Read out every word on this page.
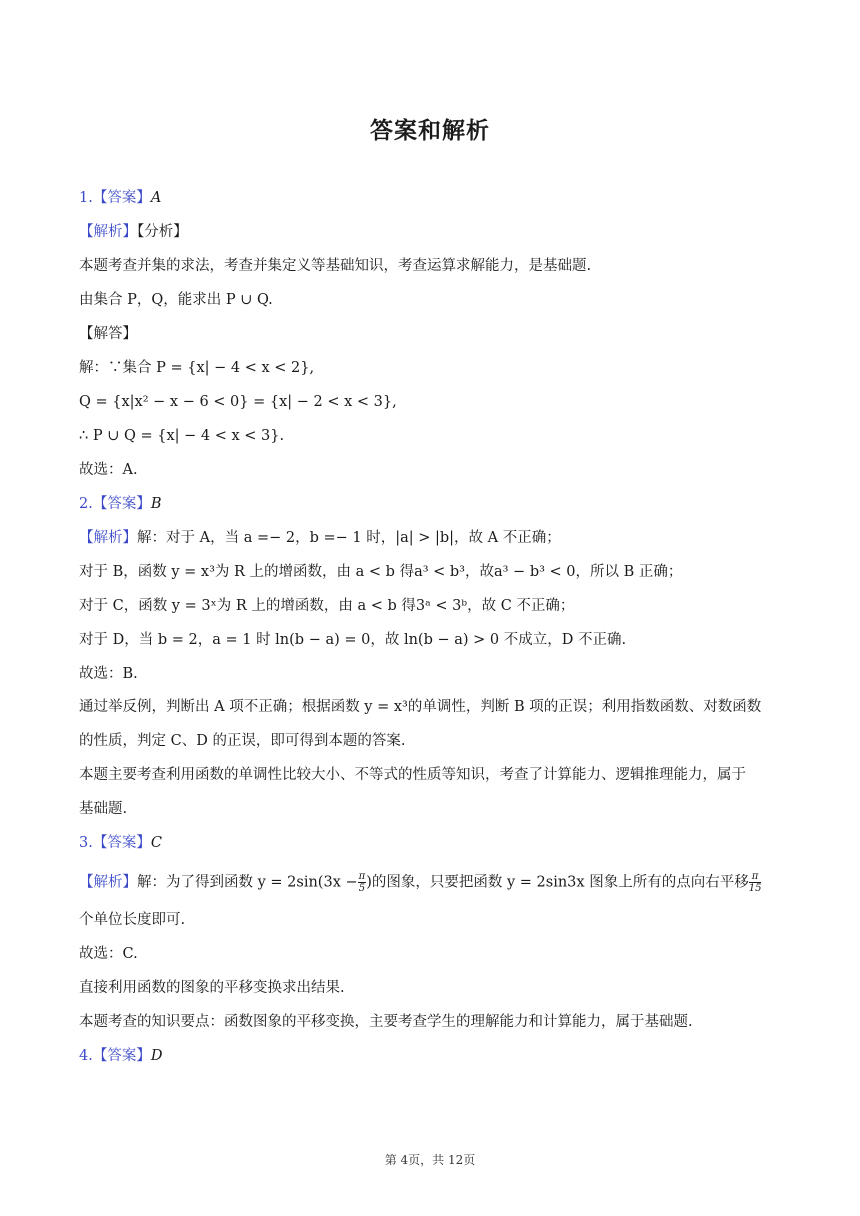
答案和解析
1.【答案】A
【解析】【分析】
本题考查并集的求法，考查并集定义等基础知识，考查运算求解能力，是基础题.
由集合 P，Q，能求出 P ∪ Q.
【解答】
解：∵集合 P = {x| − 4 < x < 2},
Q = {x|x² − x − 6 < 0} = {x| − 2 < x < 3},
∴ P ∪ Q = {x| − 4 < x < 3}.
故选：A.
2.【答案】B
【解析】解：对于 A，当 a =− 2，b =− 1 时，|a| > |b|，故 A 不正确；
对于 B，函数 y = x³为 R 上的增函数，由 a < b 得a³ < b³，故a³ − b³ < 0，所以 B 正确；
对于 C，函数 y = 3ˣ为 R 上的增函数，由 a < b 得3ᵃ < 3ᵇ，故 C 不正确；
对于 D，当 b = 2，a = 1 时 ln(b − a) = 0，故 ln(b − a) > 0 不成立，D 不正确.
故选：B.
通过举反例，判断出 A 项不正确；根据函数 y = x³的单调性，判断 B 项的正误；利用指数函数、对数函数
的性质，判定 C、D 的正误，即可得到本题的答案.
本题主要考查利用函数的单调性比较大小、不等式的性质等知识，考查了计算能力、逻辑推理能力，属于
基础题.
3.【答案】C
【解析】解：为了得到函数 $y = 2\sin(3x - \frac{\pi}{5}$ )的图象，只要把函数 y = 2sin3x 图象上所有的点向右平移 $\frac{\pi}{15}$
个单位长度即可.
故选：C.
直接利用函数的图象的平移变换求出结果.
本题考查的知识要点：函数图象的平移变换，主要考查学生的理解能力和计算能力，属于基础题.
4.【答案】D
第 4页，共 12页
